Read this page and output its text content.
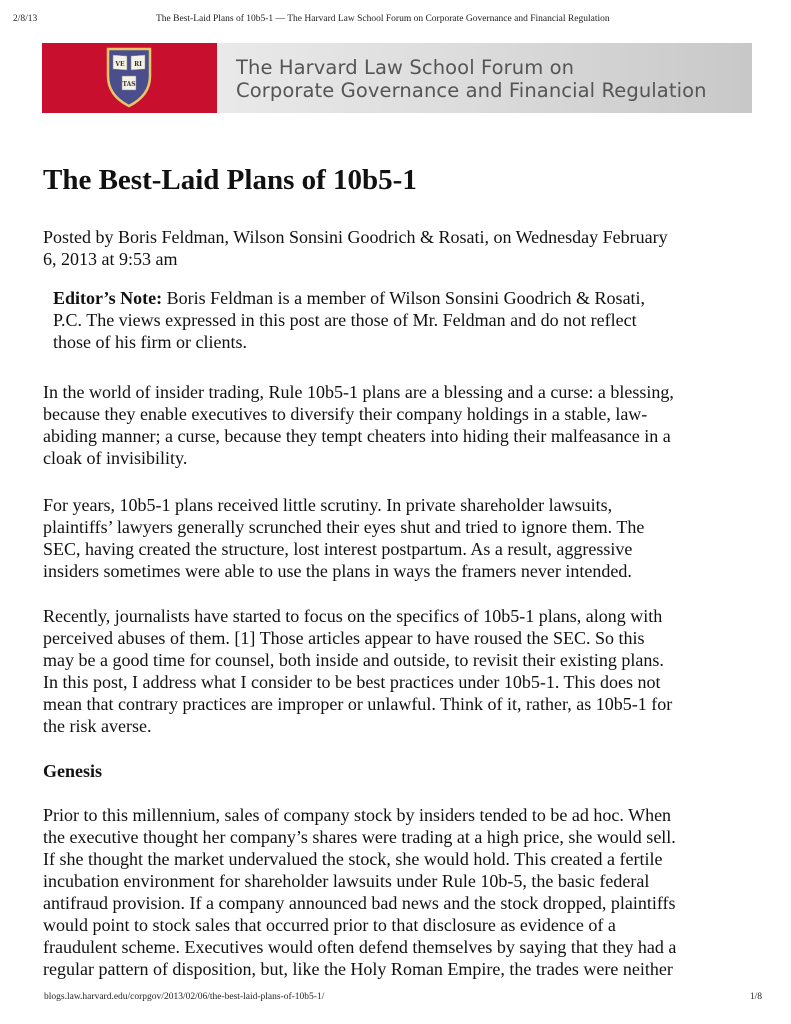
2/8/13	The Best-Laid Plans of 10b5-1 — The Harvard Law School Forum on Corporate Governance and Financial Regulation
VE RI
TAS
The Harvard Law School Forum on
Corporate Governance and Financial Regulation
The Best-Laid Plans of 10b5-1
Posted by Boris Feldman, Wilson Sonsini Goodrich & Rosati, on Wednesday February
6, 2013 at 9:53 am
Editor’s Note: Boris Feldman is a member of Wilson Sonsini Goodrich & Rosati,
P.C. The views expressed in this post are those of Mr. Feldman and do not reflect
those of his firm or clients.
In the world of insider trading, Rule 10b5-1 plans are a blessing and a curse: a blessing,
because they enable executives to diversify their company holdings in a stable, law-
abiding manner; a curse, because they tempt cheaters into hiding their malfeasance in a
cloak of invisibility.
For years, 10b5-1 plans received little scrutiny. In private shareholder lawsuits,
plaintiffs’ lawyers generally scrunched their eyes shut and tried to ignore them. The
SEC, having created the structure, lost interest postpartum. As a result, aggressive
insiders sometimes were able to use the plans in ways the framers never intended.
Recently, journalists have started to focus on the specifics of 10b5-1 plans, along with
perceived abuses of them. [1] Those articles appear to have roused the SEC. So this
may be a good time for counsel, both inside and outside, to revisit their existing plans.
In this post, I address what I consider to be best practices under 10b5-1. This does not
mean that contrary practices are improper or unlawful. Think of it, rather, as 10b5-1 for
the risk averse.
Genesis
Prior to this millennium, sales of company stock by insiders tended to be ad hoc. When
the executive thought her company’s shares were trading at a high price, she would sell.
If she thought the market undervalued the stock, she would hold. This created a fertile
incubation environment for shareholder lawsuits under Rule 10b-5, the basic federal
antifraud provision. If a company announced bad news and the stock dropped, plaintiffs
would point to stock sales that occurred prior to that disclosure as evidence of a
fraudulent scheme. Executives would often defend themselves by saying that they had a
regular pattern of disposition, but, like the Holy Roman Empire, the trades were neither
blogs.law.harvard.edu/corpgov/2013/02/06/the-best-laid-plans-of-10b5-1/	1/8
